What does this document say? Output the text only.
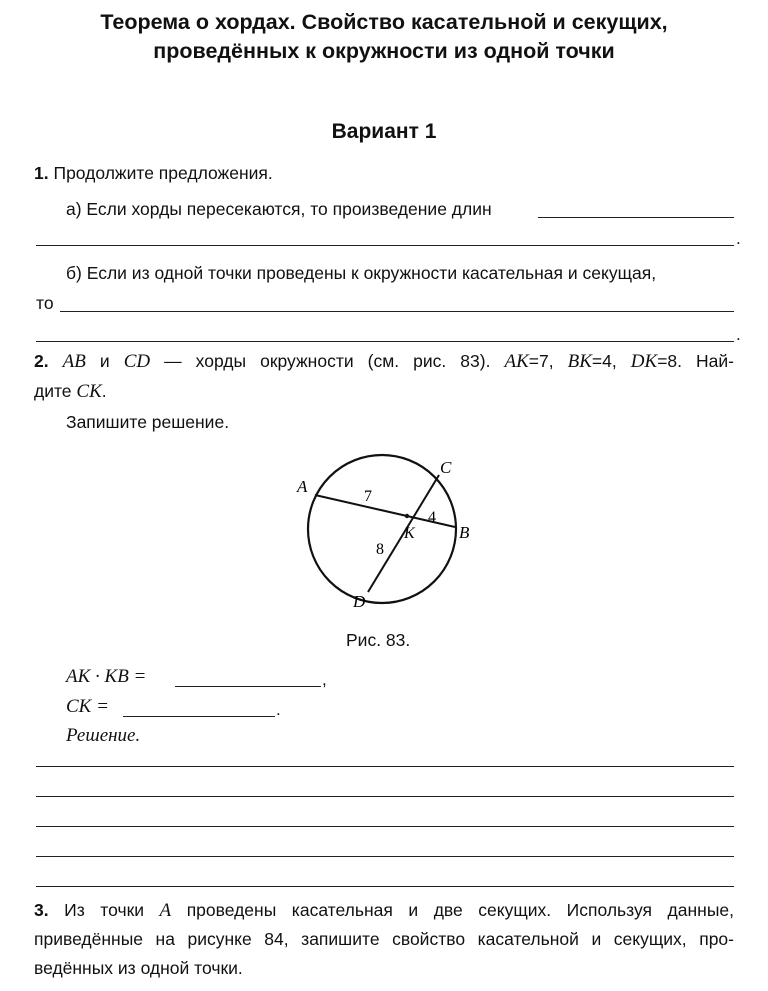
Теорема о хордах. Свойство касательной и секущих,
проведённых к окружности из одной точки
Вариант 1
1. Продолжите предложения.
а) Если хорды пересекаются, то произведение длин
.
б) Если из одной точки проведены к окружности касательная и секущая,
то
.
2. AB и CD — хорды окружности (см. рис. 83). AK=7, BK=4, DK=8. Най-
дите CK.
Запишите решение.
A
B
C
D
K
7
4
8
Рис. 83.
AK · KB =	,
CK =	.
Решение.
3. Из точки A проведены касательная и две секущих. Используя данные,
приведённые на рисунке 84, запишите свойство касательной и секущих, про-
ведённых из одной точки.
